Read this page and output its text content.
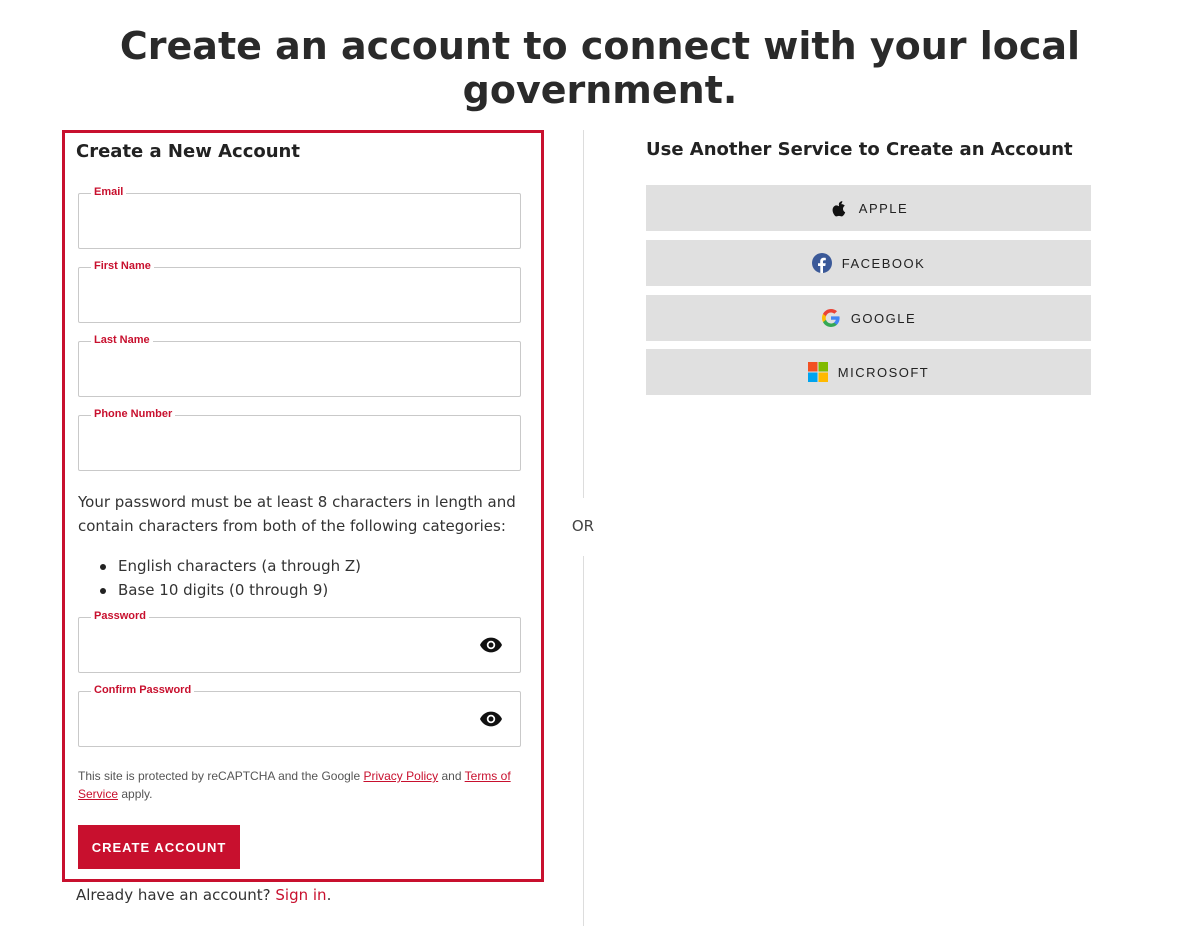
Create an account to connect with your local government.
Create a New Account
Email
First Name
Last Name
Phone Number

Your password must be at least 8 characters in length and contain characters from both of the following categories:

English characters (a through Z)
Base 10 digits (0 through 9)
Password
Confirm Password
This site is protected by reCAPTCHA and the Google Privacy Policy and Terms of Service apply.
CREATE ACCOUNT
Already have an account? Sign in.
OR
Use Another Service to Create an Account
APPLE
FACEBOOK
GOOGLE
MICROSOFT
